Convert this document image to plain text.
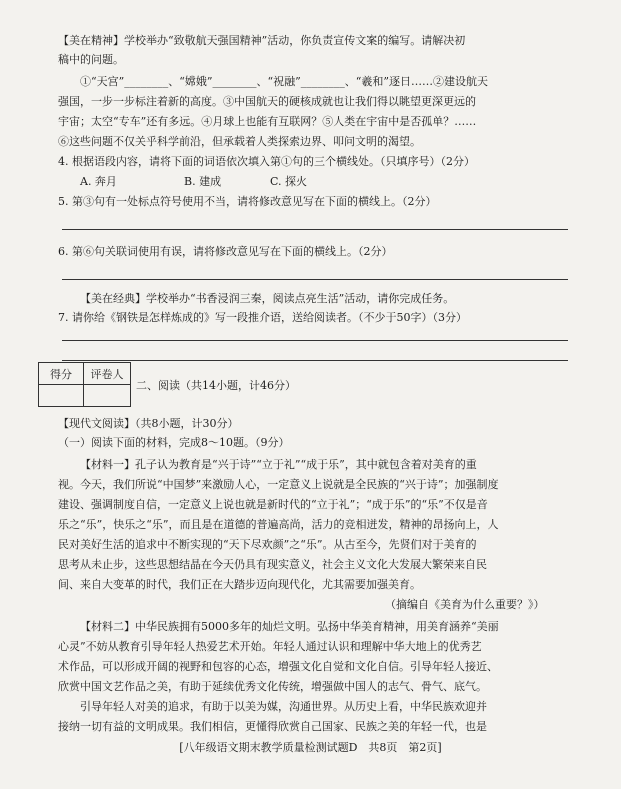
【美在精神】学校举办“致敬航天强国精神”活动，你负责宣传文案的编写。请解决初
稿中的问题。
①“天宫”________、“嫦娥”________、“祝融”________、“羲和”逐日……②建设航天
强国，一步一步标注着新的高度。③中国航天的硬核成就也让我们得以眺望更深更远的
宇宙；太空“专车”还有多远。④月球上也能有互联网？⑤人类在宇宙中是否孤单？……
⑥这些问题不仅关乎科学前沿，但承载着人类探索边界、叩问文明的渴望。
4. 根据语段内容，请将下面的词语依次填入第①句的三个横线处。（只填序号）（2分）
A. 奔月	B. 建成	C. 探火
5. 第③句有一处标点符号使用不当，请将修改意见写在下面的横线上。（2分）
6. 第⑥句关联词使用有误，请将修改意见写在下面的横线上。（2分）
【美在经典】学校举办“书香浸润三秦，阅读点亮生活”活动，请你完成任务。
7. 请你给《钢铁是怎样炼成的》写一段推介语，送给阅读者。（不少于50字）（3分）
得分	评卷人

二、阅读（共14小题，计46分）
【现代文阅读】（共8小题，计30分）
（一）阅读下面的材料，完成8～10题。（9分）
【材料一】孔子认为教育是“兴于诗”“立于礼”“成于乐”，其中就包含着对美育的重
视。今天，我们所说“中国梦”来激励人心，一定意义上说就是全民族的“兴于诗”；加强制度
建设、强调制度自信，一定意义上说也就是新时代的“立于礼”；“成于乐”的“乐”不仅是音
乐之“乐”，快乐之“乐”，而且是在道德的普遍高尚，活力的竞相迸发，精神的昂扬向上，人
民对美好生活的追求中不断实现的“天下尽欢颜”之“乐”。从古至今，先贤们对于美育的
思考从未止步，这些思想结晶在今天仍具有现实意义，社会主义文化大发展大繁荣来自民
间、来自大变革的时代，我们正在大踏步迈向现代化，尤其需要加强美育。
（摘编自《美育为什么重要？》）
【材料二】中华民族拥有5000多年的灿烂文明。弘扬中华美育精神，用美育涵养“美丽
心灵”不妨从教育引导年轻人热爱艺术开始。年轻人通过认识和理解中华大地上的优秀艺
术作品，可以形成开阔的视野和包容的心态，增强文化自觉和文化自信。引导年轻人接近、
欣赏中国文艺作品之美，有助于延续优秀文化传统，增强做中国人的志气、骨气、底气。
引导年轻人对美的追求，有助于以美为媒，沟通世界。从历史上看，中华民族欢迎并
接纳一切有益的文明成果。我们相信，更懂得欣赏自己国家、民族之美的年轻一代，也是
[八年级语文期末教学质量检测试题D　共8页　第2页]
